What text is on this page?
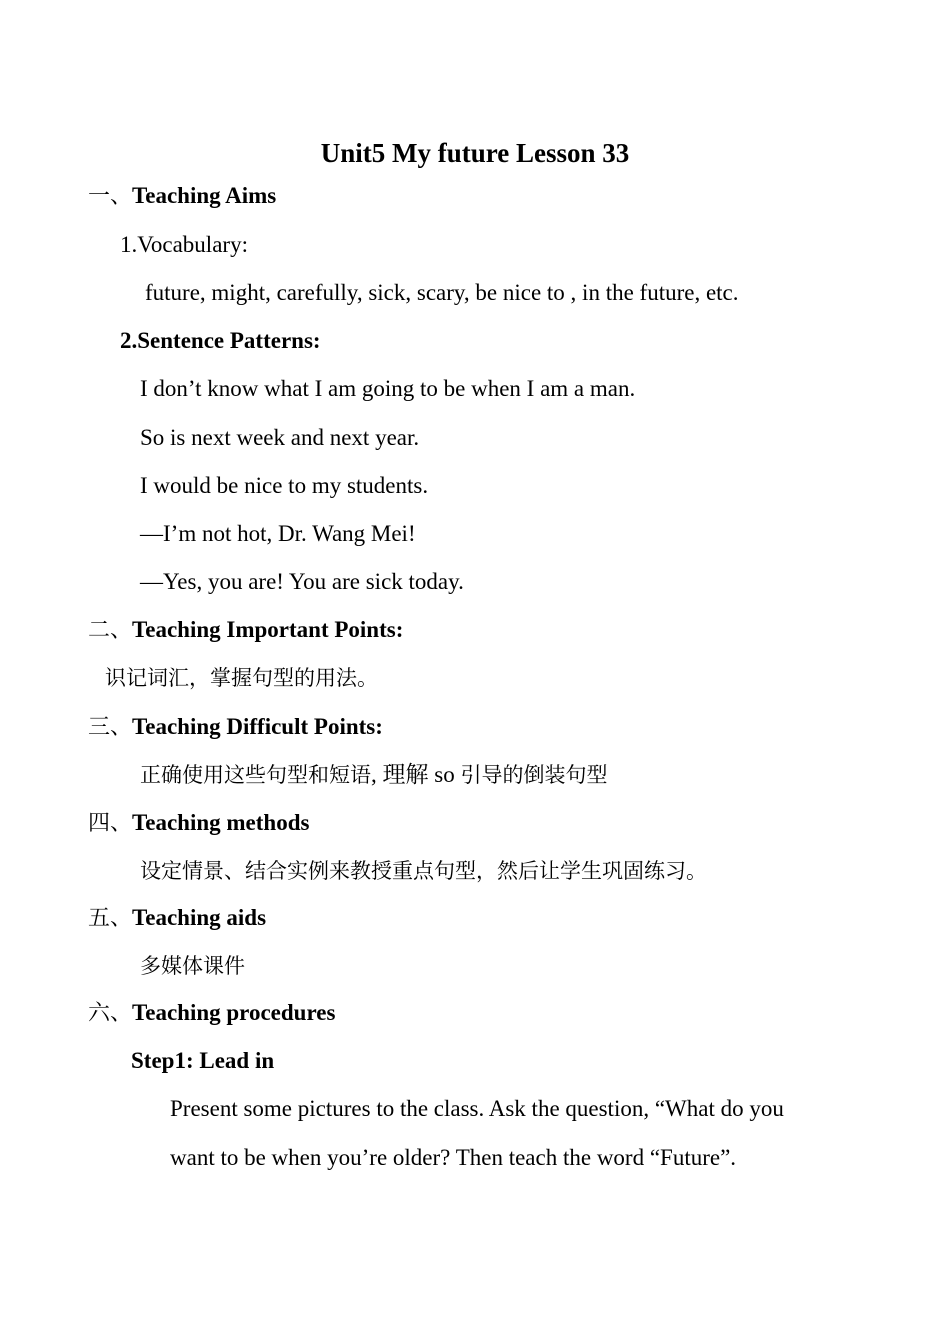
Unit5 My future Lesson 33
一、Teaching Aims
1.Vocabulary:
future, might, carefully, sick, scary, be nice to , in the future, etc.
2.Sentence Patterns:
I don’t know what I am going to be when I am a man.
So is next week and next year.
I would be nice to my students.
—I’m not hot, Dr. Wang Mei!
—Yes, you are! You are sick today.
二、Teaching Important Points:
识记词汇，掌握句型的用法。
三、Teaching Difficult Points:
正确使用这些句型和短语, 理解 so 引导的倒装句型
四、Teaching methods
设定情景、结合实例来教授重点句型，然后让学生巩固练习。
五、Teaching aids
多媒体课件
六、Teaching procedures
Step1: Lead in
Present some pictures to the class. Ask the question, “What do you
want to be when you’re older? Then teach the word “Future”.
